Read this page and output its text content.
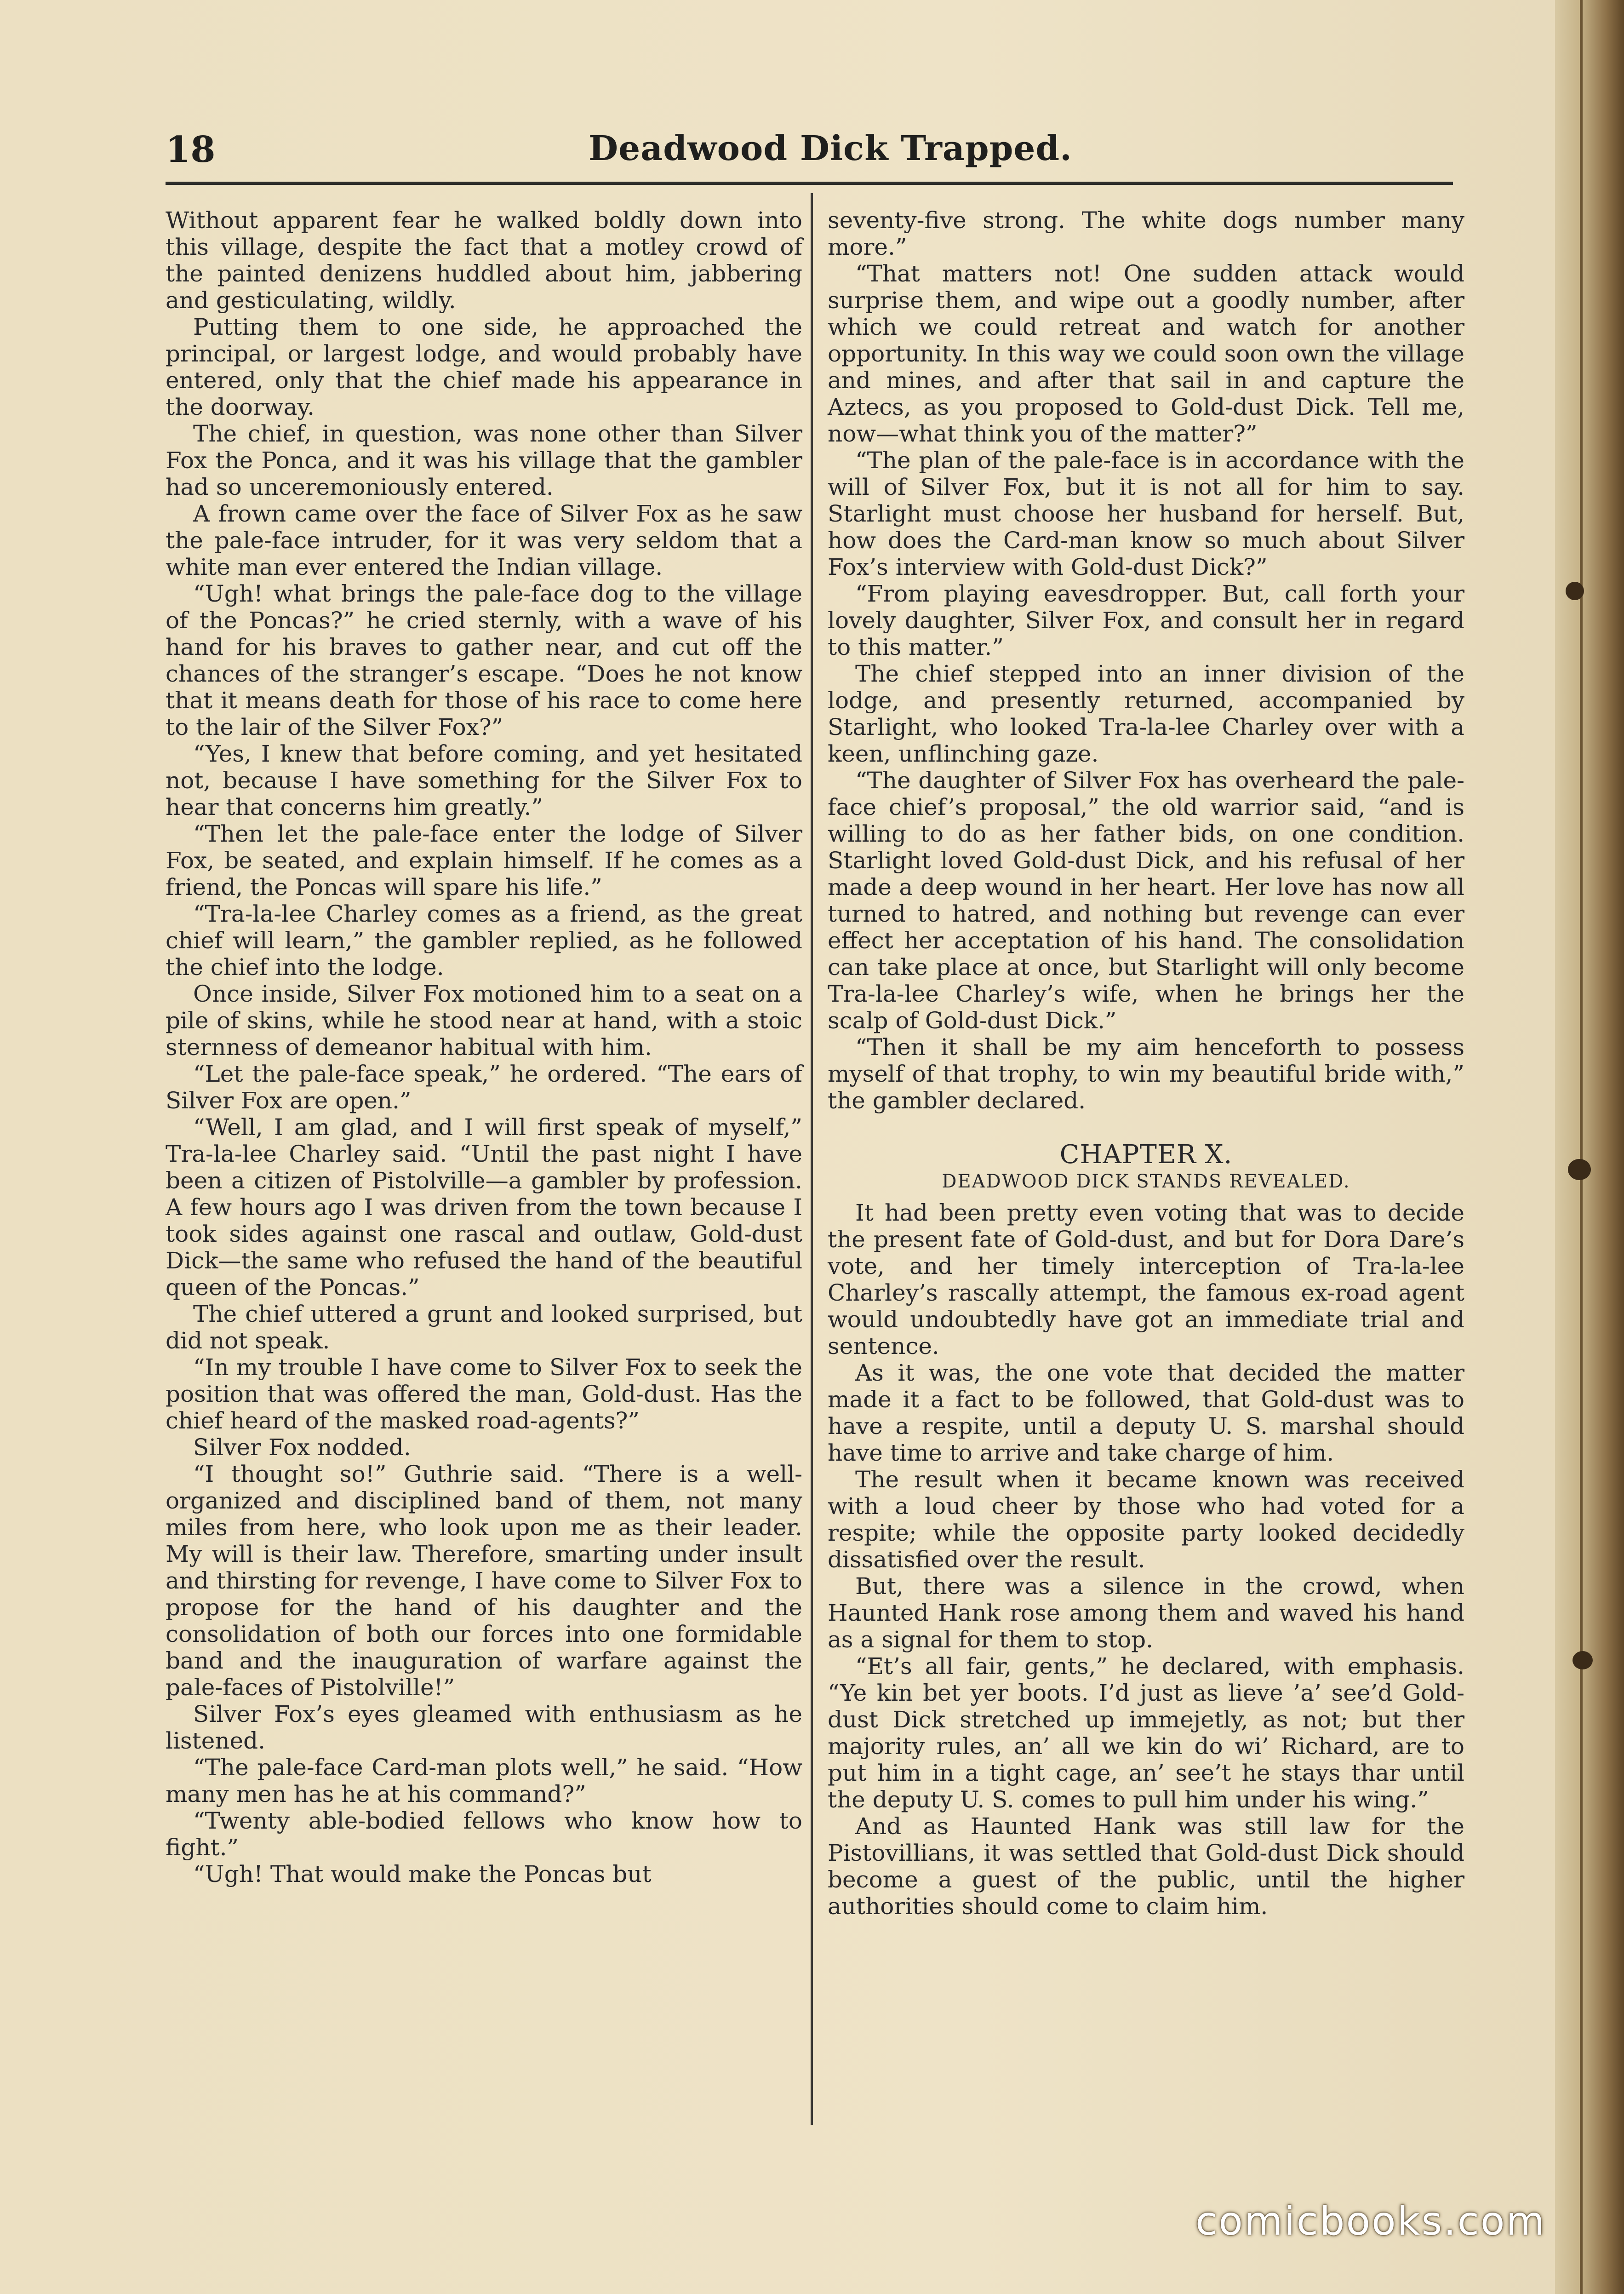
18	Deadwood Dick Trapped.

Without apparent fear he walked boldly down into this village, despite the fact that a motley crowd of the painted denizens huddled about him, jabbering and gesticulating, wildly.

Putting them to one side, he approached the principal, or largest lodge, and would probably have entered, only that the chief made his appearance in the doorway.

The chief, in question, was none other than Silver Fox the Ponca, and it was his village that the gambler had so unceremoniously entered.

A frown came over the face of Silver Fox as he saw the pale-face intruder, for it was very seldom that a white man ever entered the Indian village.

“Ugh! what brings the pale-face dog to the village of the Poncas?” he cried sternly, with a wave of his hand for his braves to gather near, and cut off the chances of the stranger’s escape. “Does he not know that it means death for those of his race to come here to the lair of the Silver Fox?”

“Yes, I knew that before coming, and yet hesitated not, because I have something for the Silver Fox to hear that concerns him greatly.”

“Then let the pale-face enter the lodge of Silver Fox, be seated, and explain himself. If he comes as a friend, the Poncas will spare his life.”

“Tra-la-lee Charley comes as a friend, as the great chief will learn,” the gambler replied, as he followed the chief into the lodge.

Once inside, Silver Fox motioned him to a seat on a pile of skins, while he stood near at hand, with a stoic sternness of demeanor habitual with him.

“Let the pale-face speak,” he ordered. “The ears of Silver Fox are open.”

“Well, I am glad, and I will first speak of myself,” Tra-la-lee Charley said. “Until the past night I have been a citizen of Pistolville—a gambler by profession. A few hours ago I was driven from the town because I took sides against one rascal and outlaw, Gold-dust Dick—the same who refused the hand of the beautiful queen of the Poncas.”

The chief uttered a grunt and looked surprised, but did not speak.

“In my trouble I have come to Silver Fox to seek the position that was offered the man, Gold-dust. Has the chief heard of the masked road-agents?”

Silver Fox nodded.

“I thought so!” Guthrie said. “There is a well-organized and disciplined band of them, not many miles from here, who look upon me as their leader. My will is their law. Therefore, smarting under insult and thirsting for revenge, I have come to Silver Fox to propose for the hand of his daughter and the consolidation of both our forces into one formidable band and the inauguration of warfare against the pale-faces of Pistolville!”

Silver Fox’s eyes gleamed with enthusiasm as he listened.

“The pale-face Card-man plots well,” he said. “How many men has he at his command?”

“Twenty able-bodied fellows who know how to fight.”

“Ugh! That would make the Poncas but

seventy-five strong. The white dogs number many more.”

“That matters not! One sudden attack would surprise them, and wipe out a goodly number, after which we could retreat and watch for another opportunity. In this way we could soon own the village and mines, and after that sail in and capture the Aztecs, as you proposed to Gold-dust Dick. Tell me, now—what think you of the matter?”

“The plan of the pale-face is in accordance with the will of Silver Fox, but it is not all for him to say. Starlight must choose her husband for herself. But, how does the Card-man know so much about Silver Fox’s interview with Gold-dust Dick?”

“From playing eavesdropper. But, call forth your lovely daughter, Silver Fox, and consult her in regard to this matter.”

The chief stepped into an inner division of the lodge, and presently returned, accompanied by Starlight, who looked Tra-la-lee Charley over with a keen, unflinching gaze.

“The daughter of Silver Fox has overheard the pale-face chief’s proposal,” the old warrior said, “and is willing to do as her father bids, on one condition. Starlight loved Gold-dust Dick, and his refusal of her made a deep wound in her heart. Her love has now all turned to hatred, and nothing but revenge can ever effect her acceptation of his hand. The consolidation can take place at once, but Starlight will only become Tra-la-lee Charley’s wife, when he brings her the scalp of Gold-dust Dick.”

“Then it shall be my aim henceforth to possess myself of that trophy, to win my beautiful bride with,” the gambler declared.

CHAPTER X.
DEADWOOD DICK STANDS REVEALED.

It had been pretty even voting that was to decide the present fate of Gold-dust, and but for Dora Dare’s vote, and her timely interception of Tra-la-lee Charley’s rascally attempt, the famous ex-road agent would undoubtedly have got an immediate trial and sentence.

As it was, the one vote that decided the matter made it a fact to be followed, that Gold-dust was to have a respite, until a deputy U. S. marshal should have time to arrive and take charge of him.

The result when it became known was received with a loud cheer by those who had voted for a respite; while the opposite party looked decidedly dissatisfied over the result.

But, there was a silence in the crowd, when Haunted Hank rose among them and waved his hand as a signal for them to stop.

“Et’s all fair, gents,” he declared, with emphasis. “Ye kin bet yer boots. I’d just as lieve ’a’ see’d Gold-dust Dick stretched up immejetly, as not; but ther majority rules, an’ all we kin do wi’ Richard, are to put him in a tight cage, an’ see’t he stays thar until the deputy U. S. comes to pull him under his wing.”

And as Haunted Hank was still law for the Pistovillians, it was settled that Gold-dust Dick should become a guest of the public, until the higher authorities should come to claim him.

comicbooks.com
